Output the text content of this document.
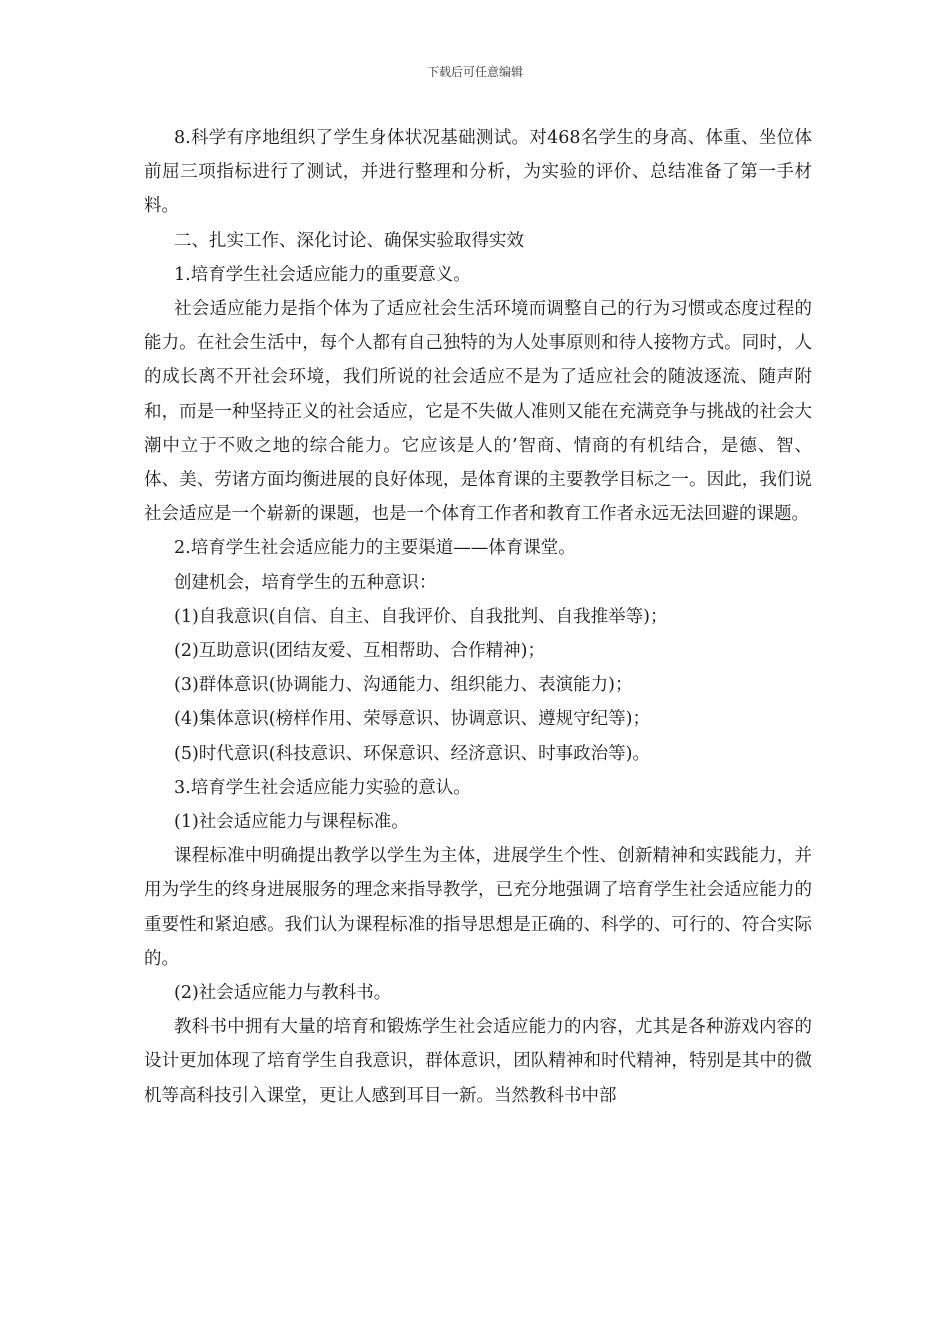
下载后可任意编辑

8.科学有序地组织了学生身体状况基础测试。对468名学生的身高、体重、坐位体前屈三项指标进行了测试，并进行整理和分析，为实验的评价、总结准备了第一手材料。

二、扎实工作、深化讨论、确保实验取得实效

1.培育学生社会适应能力的重要意义。

社会适应能力是指个体为了适应社会生活环境而调整自己的行为习惯或态度过程的能力。在社会生活中，每个人都有自己独特的为人处事原则和待人接物方式。同时，人的成长离不开社会环境，我们所说的社会适应不是为了适应社会的随波逐流、随声附和，而是一种坚持正义的社会适应，它是不失做人准则又能在充满竞争与挑战的社会大潮中立于不败之地的综合能力。它应该是人的’智商、情商的有机结合，是德、智、体、美、劳诸方面均衡进展的良好体现，是体育课的主要教学目标之一。因此，我们说社会适应是一个崭新的课题，也是一个体育工作者和教育工作者永远无法回避的课题。

2.培育学生社会适应能力的主要渠道——体育课堂。

创建机会，培育学生的五种意识：

(1)自我意识(自信、自主、自我评价、自我批判、自我推举等)；

(2)互助意识(团结友爱、互相帮助、合作精神)；

(3)群体意识(协调能力、沟通能力、组织能力、表演能力)；

(4)集体意识(榜样作用、荣辱意识、协调意识、遵规守纪等)；

(5)时代意识(科技意识、环保意识、经济意识、时事政治等)。

3.培育学生社会适应能力实验的意认。

(1)社会适应能力与课程标准。

课程标准中明确提出教学以学生为主体，进展学生个性、创新精神和实践能力，并用为学生的终身进展服务的理念来指导教学，已充分地强调了培育学生社会适应能力的重要性和紧迫感。我们认为课程标准的指导思想是正确的、科学的、可行的、符合实际的。

(2)社会适应能力与教科书。

教科书中拥有大量的培育和锻炼学生社会适应能力的内容，尤其是各种游戏内容的设计更加体现了培育学生自我意识，群体意识，团队精神和时代精神，特别是其中的微机等高科技引入课堂，更让人感到耳目一新。当然教科书中部
